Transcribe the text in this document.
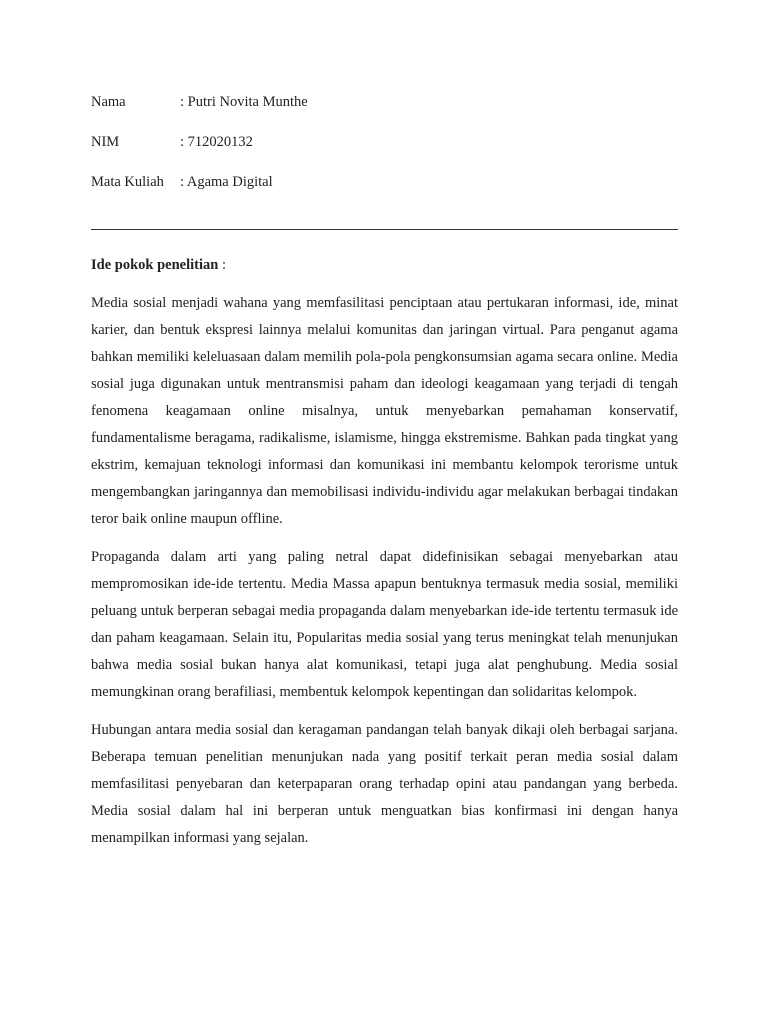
Nama	: Putri Novita Munthe
NIM	: 712020132
Mata Kuliah	: Agama Digital

Ide pokok penelitian :

Media sosial menjadi wahana yang memfasilitasi penciptaan atau pertukaran informasi, ide, minat karier, dan bentuk ekspresi lainnya melalui komunitas dan jaringan virtual. Para penganut agama bahkan memiliki keleluasaan dalam memilih pola-pola pengkonsumsian agama secara online. Media sosial juga digunakan untuk mentransmisi paham dan ideologi keagamaan yang terjadi di tengah fenomena keagamaan online misalnya, untuk menyebarkan pemahaman konservatif, fundamentalisme beragama, radikalisme, islamisme, hingga ekstremisme. Bahkan pada tingkat yang ekstrim, kemajuan teknologi informasi dan komunikasi ini membantu kelompok terorisme untuk mengembangkan jaringannya dan memobilisasi individu-individu agar melakukan berbagai tindakan teror baik online maupun offline.

Propaganda dalam arti yang paling netral dapat didefinisikan sebagai menyebarkan atau mempromosikan ide-ide tertentu. Media Massa apapun bentuknya termasuk media sosial, memiliki peluang untuk berperan sebagai media propaganda dalam menyebarkan ide-ide tertentu termasuk ide dan paham keagamaan. Selain itu, Popularitas media sosial yang terus meningkat telah menunjukan bahwa media sosial bukan hanya alat komunikasi, tetapi juga alat penghubung. Media sosial memungkinan orang berafiliasi, membentuk kelompok kepentingan dan solidaritas kelompok.

Hubungan antara media sosial dan keragaman pandangan telah banyak dikaji oleh berbagai sarjana. Beberapa temuan penelitian menunjukan nada yang positif terkait peran media sosial dalam memfasilitasi penyebaran dan keterpaparan orang terhadap opini atau pandangan yang berbeda. Media sosial dalam hal ini berperan untuk menguatkan bias konfirmasi ini dengan hanya menampilkan informasi yang sejalan.
